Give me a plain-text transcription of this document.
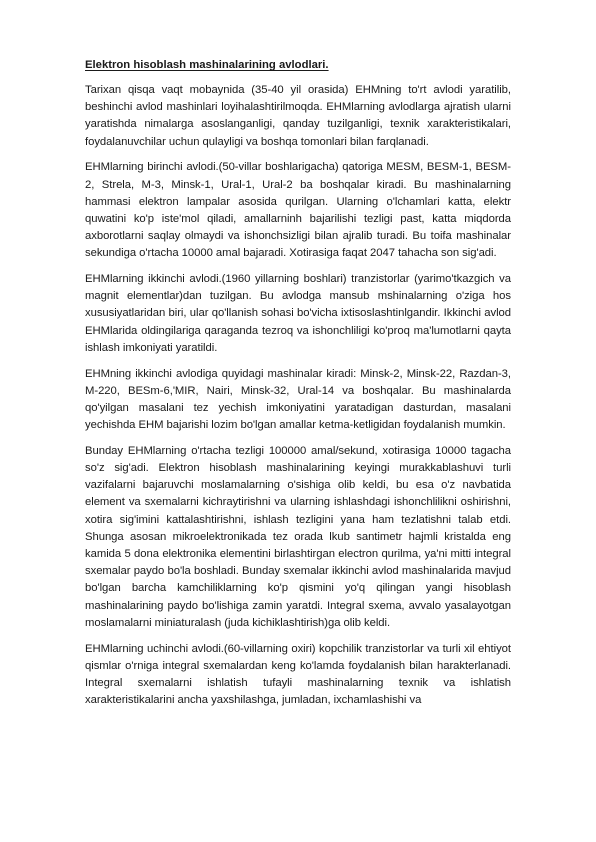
Elektron hisoblash mashinalarining avlodlari.

Tarixan qisqa vaqt mobaynida (35-40 yil orasida) EHMning to'rt avlodi yaratilib, beshinchi avlod mashinlari loyihalashtirilmoqda. EHMlarning avlodlarga ajratish ularni yaratishda nimalarga asoslanganligi, qanday tuzilganligi, texnik xarakteristikalari, foydalanuvchilar uchun qulayligi va boshqa tomonlari bilan farqlanadi.

EHMlarning birinchi avlodi.(50-villar boshlarigacha) qatoriga MESM, BESM-1, BESM-2, Strela, M-3, Minsk-1, Ural-1, Ural-2 ba boshqalar kiradi. Bu mashinalarning hammasi elektron lampalar asosida qurilgan. Ularning o'lchamlari katta, elektr quwatini ko'p iste'mol qiladi, amallarninh bajarilishi tezligi past, katta miqdorda axborotlarni saqlay olmaydi va ishonchsizligi bilan ajralib turadi. Bu toifa mashinalar sekundiga o'rtacha 10000 amal bajaradi. Xotirasiga faqat 2047 tahacha son sig'adi.

EHMlarning ikkinchi avlodi.(1960 yillarning boshlari) tranzistorlar (yarimo'tkazgich va magnit elementlar)dan tuzilgan. Bu avlodga mansub mshinalarning o'ziga hos xususiyatlaridan biri, ular qo'llanish sohasi bo'vicha ixtisoslashtinlgandir. Ikkinchi avlod EHMlarida oldingilariga qaraganda tezroq va ishonchliligi ko'proq ma'lumotlarni qayta ishlash imkoniyati yaratildi.

EHMning ikkinchi avlodiga quyidagi mashinalar kiradi: Minsk-2, Minsk-22, Razdan-3, M-220, BESm-6,'MIR, Nairi, Minsk-32, Ural-14 va boshqalar. Bu mashinalarda qo'yilgan masalani tez yechish imkoniyatini yaratadigan dasturdan, masalani yechishda EHM bajarishi lozim bo'lgan amallar ketma-ketligidan foydalanish mumkin.

Bunday EHMlarning o'rtacha tezligi 100000 amal/sekund, xotirasiga 10000 tagacha so'z sig'adi. Elektron hisoblash mashinalarining keyingi murakkablashuvi turli vazifalarni bajaruvchi moslamalarning o'sishiga olib keldi, bu esa o'z navbatida element va sxemalarni kichraytirishni va ularning ishlashdagi ishonchlilikni oshirishni, xotira sig'imini kattalashtirishni, ishlash tezligini yana ham tezlatishni talab etdi. Shunga asosan mikroelektronikada tez orada lkub santimetr hajmli kristalda eng kamida 5 dona elektronika elementini birlashtirgan electron qurilma, ya'ni mitti integral sxemalar paydo bo'la boshladi. Bunday sxemalar ikkinchi avlod mashinalarida mavjud bo'lgan barcha kamchiliklarning ko'p qismini yo'q qilingan yangi hisoblash mashinalarining paydo bo'lishiga zamin yaratdi. Integral sxema, avvalo yasalayotgan moslamalarni miniaturalash (juda kichiklashtirish)ga olib keldi.

EHMlarning uchinchi avlodi.(60-villarning oxiri) kopchilik tranzistorlar va turli xil ehtiyot qismlar o'rniga integral sxemalardan keng ko'lamda foydalanish bilan harakterlanadi. Integral sxemalarni ishlatish tufayli mashinalarning texnik va ishlatish xarakteristikalarini ancha yaxshilashga, jumladan, ixchamlashishi va
